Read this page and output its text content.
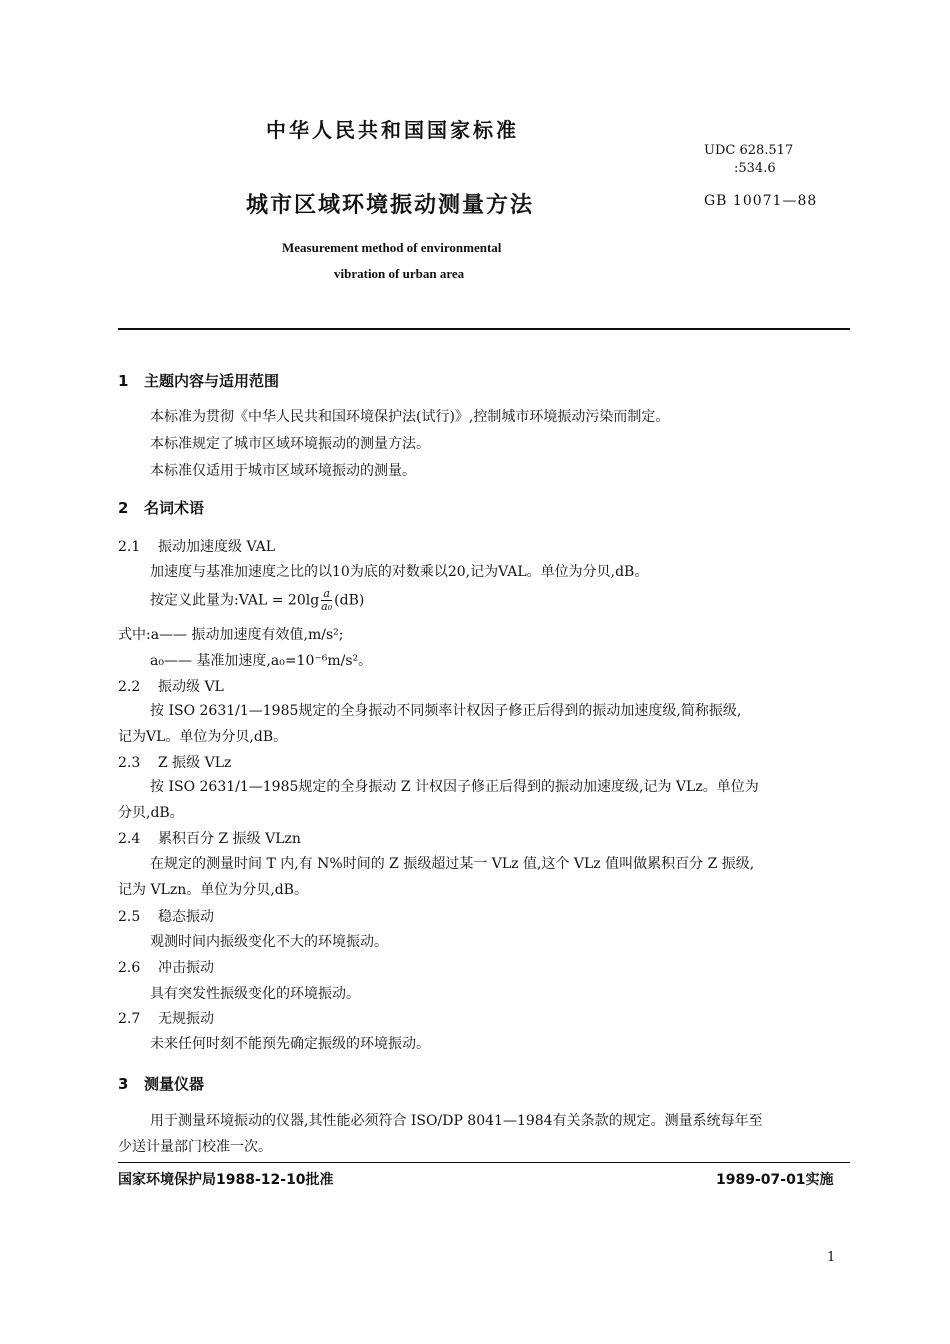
中华人民共和国国家标准
UDC 628.517
:534.6
城市区域环境振动测量方法	GB 10071—88
Measurement method of environmental
vibration of urban area
1 主题内容与适用范围
本标准为贯彻《中华人民共和国环境保护法(试行)》,控制城市环境振动污染而制定。
本标准规定了城市区域环境振动的测量方法。
本标准仅适用于城市区域环境振动的测量。
2 名词术语
2.1 振动加速度级 VAL
加速度与基准加速度之比的以10为底的对数乘以20,记为VAL。单位为分贝,dB。
按定义此量为:VAL = $20\lg \frac{a}{\text{a₀}} (dB)$
式中:a—— 振动加速度有效值,m/s²;
a₀—— 基准加速度,a₀=10⁻⁶m/s²。
2.2 振动级 VL
按 ISO 2631/1—1985规定的全身振动不同频率计权因子修正后得到的振动加速度级,简称振级,
记为VL。单位为分贝,dB。
2.3 Z 振级 VLz
按 ISO 2631/1—1985规定的全身振动 Z 计权因子修正后得到的振动加速度级,记为 VLz。单位为
分贝,dB。
2.4 累积百分 Z 振级 VLzn
在规定的测量时间 T 内,有 N%时间的 Z 振级超过某一 VLz 值,这个 VLz 值叫做累积百分 Z 振级,
记为 VLzn。单位为分贝,dB。
2.5 稳态振动
观测时间内振级变化不大的环境振动。
2.6 冲击振动
具有突发性振级变化的环境振动。
2.7 无规振动
未来任何时刻不能预先确定振级的环境振动。
3 测量仪器
用于测量环境振动的仪器,其性能必须符合 ISO/DP 8041—1984有关条款的规定。测量系统每年至
少送计量部门校准一次。
国家环境保护局1988-12-10批准	1989-07-01实施
1
